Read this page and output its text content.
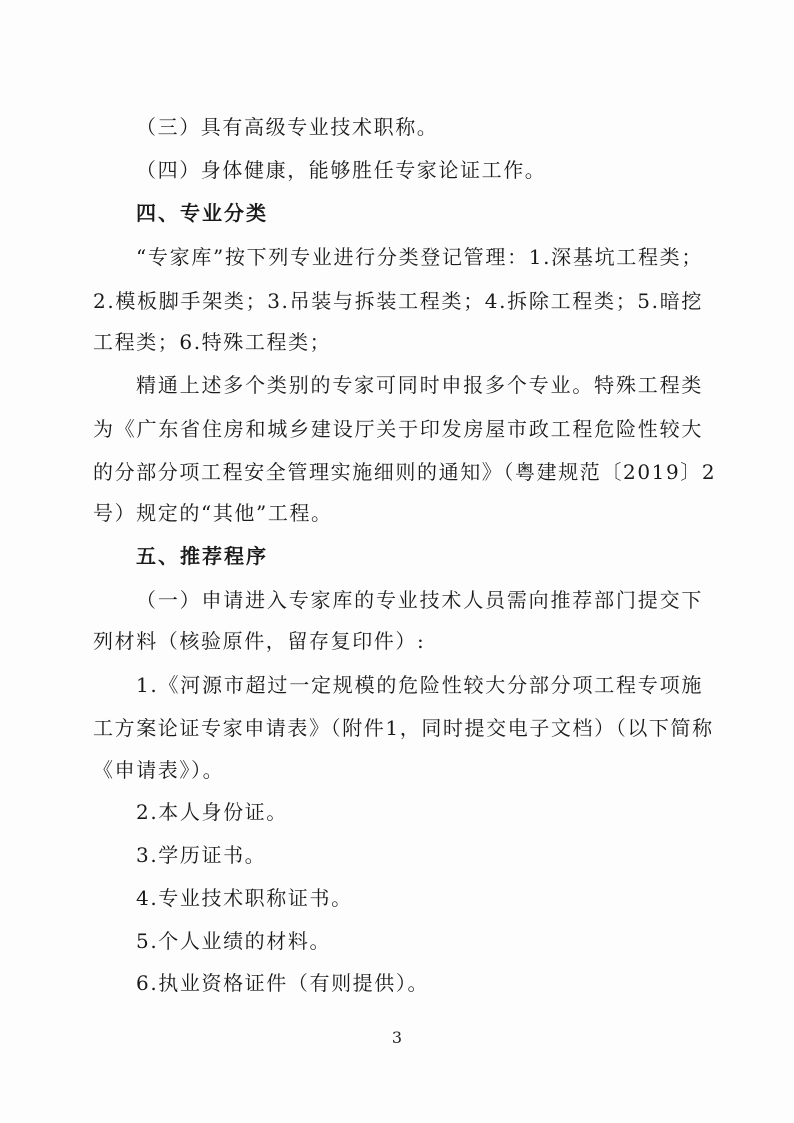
（三）具有高级专业技术职称。
（四）身体健康，能够胜任专家论证工作。
四、专业分类
“专家库”按下列专业进行分类登记管理：1.深基坑工程类；
2.模板脚手架类；3.吊装与拆装工程类；4.拆除工程类；5.暗挖
工程类；6.特殊工程类；
精通上述多个类别的专家可同时申报多个专业。特殊工程类
为《广东省住房和城乡建设厅关于印发房屋市政工程危险性较大
的分部分项工程安全管理实施细则的通知》（粤建规范〔2019〕2
号）规定的“其他”工程。
五、推荐程序
（一）申请进入专家库的专业技术人员需向推荐部门提交下
列材料（核验原件，留存复印件）:
1.《河源市超过一定规模的危险性较大分部分项工程专项施
工方案论证专家申请表》（附件1，同时提交电子文档）（以下简称
《申请表》）。
2.本人身份证。
3.学历证书。
4.专业技术职称证书。
5.个人业绩的材料。
6.执业资格证件（有则提供）。
3
